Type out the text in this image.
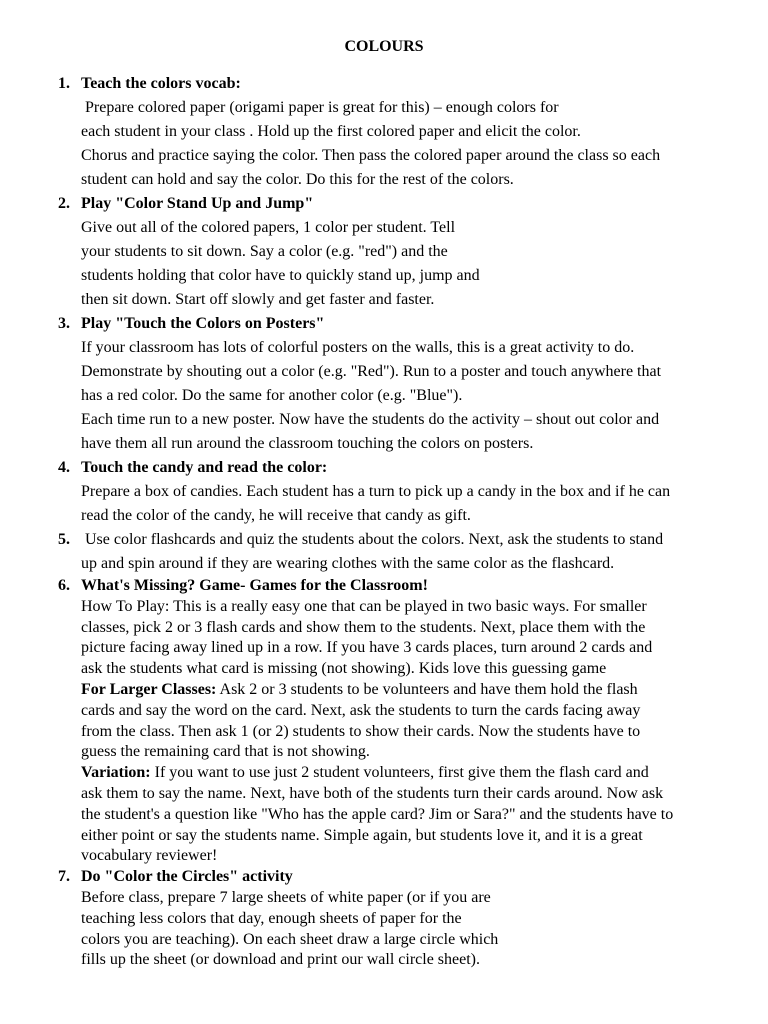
COLOURS
1. Teach the colors vocab:
Prepare colored paper (origami paper is great for this) – enough colors for
each student in your class . Hold up the first colored paper and elicit the color.
Chorus and practice saying the color. Then pass the colored paper around the class so each
student can hold and say the color. Do this for the rest of the colors.
2. Play "Color Stand Up and Jump"
Give out all of the colored papers, 1 color per student. Tell
your students to sit down. Say a color (e.g. "red") and the
students holding that color have to quickly stand up, jump and
then sit down. Start off slowly and get faster and faster.
3. Play "Touch the Colors on Posters"
If your classroom has lots of colorful posters on the walls, this is a great activity to do.
Demonstrate by shouting out a color (e.g. "Red"). Run to a poster and touch anywhere that
has a red color. Do the same for another color (e.g. "Blue").
Each time run to a new poster. Now have the students do the activity – shout out color and
have them all run around the classroom touching the colors on posters.
4. Touch the candy and read the color:
Prepare a box of candies. Each student has a turn to pick up a candy in the box and if he can
read the color of the candy, he will receive that candy as gift.
5. Use color flashcards and quiz the students about the colors. Next, ask the students to stand
up and spin around if they are wearing clothes with the same color as the flashcard.
6. What's Missing? Game- Games for the Classroom!
How To Play: This is a really easy one that can be played in two basic ways. For smaller
classes, pick 2 or 3 flash cards and show them to the students. Next, place them with the
picture facing away lined up in a row. If you have 3 cards places, turn around 2 cards and
ask the students what card is missing (not showing). Kids love this guessing game
For Larger Classes: Ask 2 or 3 students to be volunteers and have them hold the flash
cards and say the word on the card. Next, ask the students to turn the cards facing away
from the class. Then ask 1 (or 2) students to show their cards. Now the students have to
guess the remaining card that is not showing.
Variation: If you want to use just 2 student volunteers, first give them the flash card and
ask them to say the name. Next, have both of the students turn their cards around. Now ask
the student's a question like "Who has the apple card? Jim or Sara?" and the students have to
either point or say the students name. Simple again, but students love it, and it is a great
vocabulary reviewer!
7. Do "Color the Circles" activity
Before class, prepare 7 large sheets of white paper (or if you are
teaching less colors that day, enough sheets of paper for the
colors you are teaching). On each sheet draw a large circle which
fills up the sheet (or download and print our wall circle sheet).
